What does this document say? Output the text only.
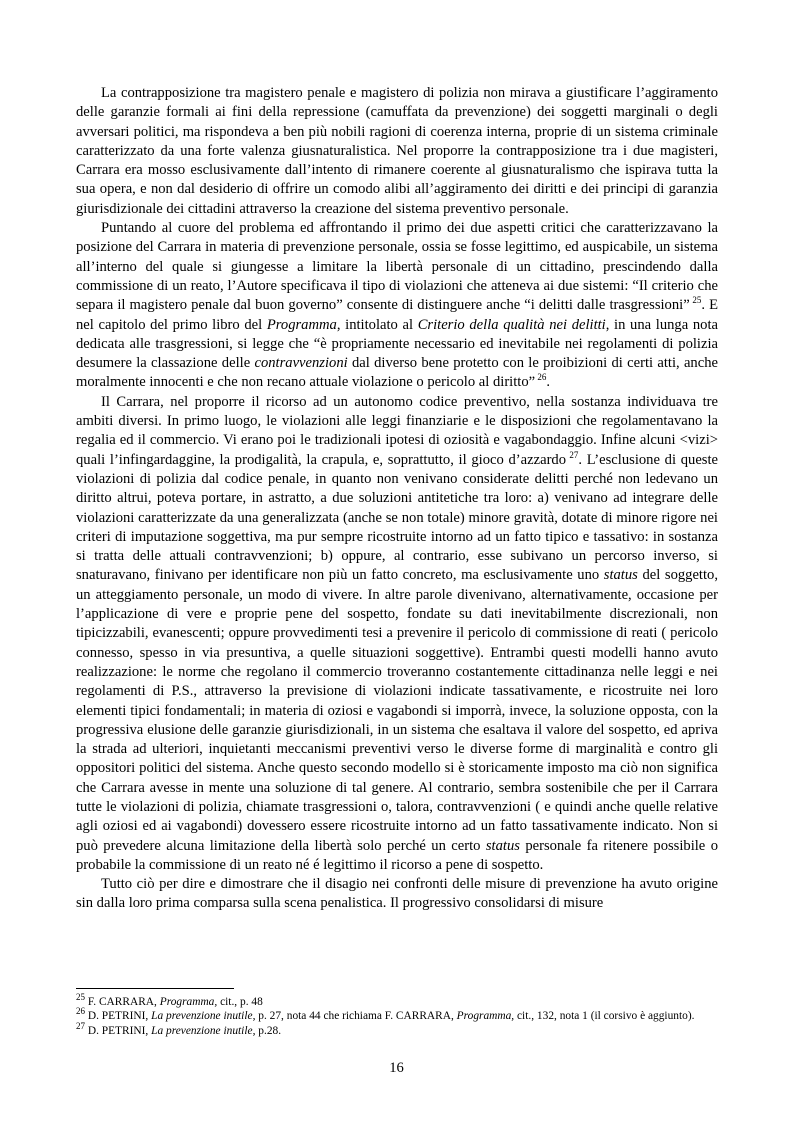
La contrapposizione tra magistero penale e magistero di polizia non mirava a giustificare l’aggiramento delle garanzie formali ai fini della repressione (camuffata da prevenzione) dei soggetti marginali o degli avversari politici, ma rispondeva a ben più nobili ragioni di coerenza interna, proprie di un sistema criminale caratterizzato da una forte valenza giusnaturalistica. Nel proporre la contrapposizione tra i due magisteri, Carrara era mosso esclusivamente dall’intento di rimanere coerente al giusnaturalismo che ispirava tutta la sua opera, e non dal desiderio di offrire un comodo alibi all’aggiramento dei diritti e dei principi di garanzia giurisdizionale dei cittadini attraverso la creazione del sistema preventivo personale.

Puntando al cuore del problema ed affrontando il primo dei due aspetti critici che caratterizzavano la posizione del Carrara in materia di prevenzione personale, ossia se fosse legittimo, ed auspicabile, un sistema all’interno del quale si giungesse a limitare la libertà personale di un cittadino, prescindendo dalla commissione di un reato, l’Autore specificava il tipo di violazioni che atteneva ai due sistemi: “Il criterio che separa il magistero penale dal buon governo” consente di distinguere anche “i delitti dalle trasgressioni” $^{25}$. E nel capitolo del primo libro del Programma, intitolato al Criterio della qualità nei delitti, in una lunga nota dedicata alle trasgressioni, si legge che “è propriamente necessario ed inevitabile nei regolamenti di polizia desumere la classazione delle contravvenzioni dal diverso bene protetto con le proibizioni di certi atti, anche moralmente innocenti e che non recano attuale violazione o pericolo al diritto” $^{26}$.

Il Carrara, nel proporre il ricorso ad un autonomo codice preventivo, nella sostanza individuava tre ambiti diversi. In primo luogo, le violazioni alle leggi finanziarie e le disposizioni che regolamentavano la regalia ed il commercio. Vi erano poi le tradizionali ipotesi di oziosità e vagabondaggio. Infine alcuni <vizi> quali l’infingardaggine, la prodigalità, la crapula, e, soprattutto, il gioco d’azzardo $^{27}$. L’esclusione di queste violazioni di polizia dal codice penale, in quanto non venivano considerate delitti perché non ledevano un diritto altrui, poteva portare, in astratto, a due soluzioni antitetiche tra loro: a) venivano ad integrare delle violazioni caratterizzate da una generalizzata (anche se non totale) minore gravità, dotate di minore rigore nei criteri di imputazione soggettiva, ma pur sempre ricostruite intorno ad un fatto tipico e tassativo: in sostanza si tratta delle attuali contravvenzioni; b) oppure, al contrario, esse subivano un percorso inverso, si snaturavano, finivano per identificare non più un fatto concreto, ma esclusivamente uno status del soggetto, un atteggiamento personale, un modo di vivere. In altre parole divenivano, alternativamente, occasione per l’applicazione di vere e proprie pene del sospetto, fondate su dati inevitabilmente discrezionali, non tipicizzabili, evanescenti; oppure provvedimenti tesi a prevenire il pericolo di commissione di reati ( pericolo connesso, spesso in via presuntiva, a quelle situazioni soggettive). Entrambi questi modelli hanno avuto realizzazione: le norme che regolano il commercio troveranno costantemente cittadinanza nelle leggi e nei regolamenti di P.S., attraverso la previsione di violazioni indicate tassativamente, e ricostruite nei loro elementi tipici fondamentali; in materia di oziosi e vagabondi si imporrà, invece, la soluzione opposta, con la progressiva elusione delle garanzie giurisdizionali, in un sistema che esaltava il valore del sospetto, ed apriva la strada ad ulteriori, inquietanti meccanismi preventivi verso le diverse forme di marginalità e contro gli oppositori politici del sistema. Anche questo secondo modello si è storicamente imposto ma ciò non significa che Carrara avesse in mente una soluzione di tal genere. Al contrario, sembra sostenibile che per il Carrara tutte le violazioni di polizia, chiamate trasgressioni o, talora, contravvenzioni ( e quindi anche quelle relative agli oziosi ed ai vagabondi) dovessero essere ricostruite intorno ad un fatto tassativamente indicato. Non si può prevedere alcuna limitazione della libertà solo perché un certo status personale fa ritenere possibile o probabile la commissione di un reato né é legittimo il ricorso a pene di sospetto.

Tutto ciò per dire e dimostrare che il disagio nei confronti delle misure di prevenzione ha avuto origine sin dalla loro prima comparsa sulla scena penalistica. Il progressivo consolidarsi di misure

$^{25}$ F. CARRARA, Programma, cit., p. 48

$^{26}$ D. PETRINI, La prevenzione inutile, p. 27, nota 44 che richiama F. CARRARA, Programma, cit., 132, nota 1 (il corsivo è aggiunto).

$^{27}$ D. PETRINI, La prevenzione inutile, p.28.

16
